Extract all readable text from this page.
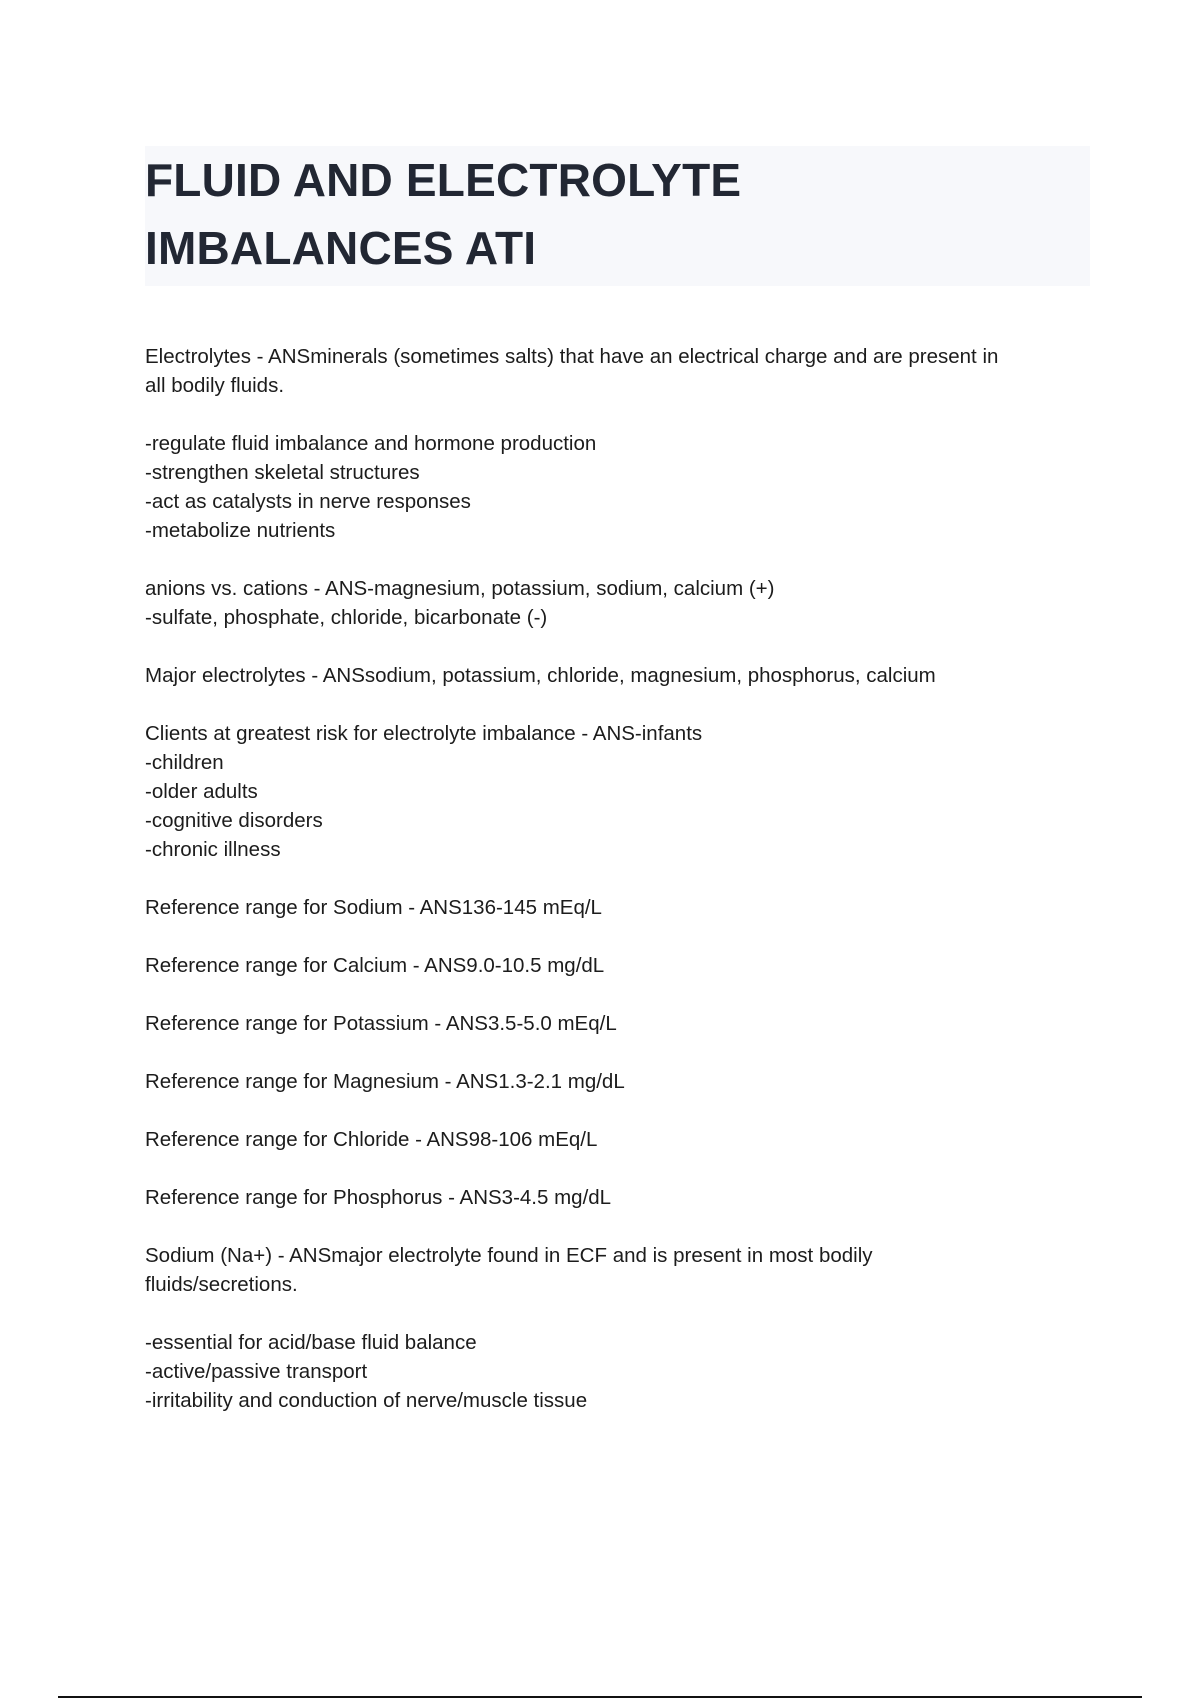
FLUID AND ELECTROLYTE
IMBALANCES ATI

Electrolytes - ANSminerals (sometimes salts) that have an electrical charge and are present in
all bodily fluids.

-regulate fluid imbalance and hormone production
-strengthen skeletal structures
-act as catalysts in nerve responses
-metabolize nutrients

anions vs. cations - ANS-magnesium, potassium, sodium, calcium (+)
-sulfate, phosphate, chloride, bicarbonate (-)

Major electrolytes - ANSsodium, potassium, chloride, magnesium, phosphorus, calcium

Clients at greatest risk for electrolyte imbalance - ANS-infants
-children
-older adults
-cognitive disorders
-chronic illness

Reference range for Sodium - ANS136-145 mEq/L

Reference range for Calcium - ANS9.0-10.5 mg/dL

Reference range for Potassium - ANS3.5-5.0 mEq/L

Reference range for Magnesium - ANS1.3-2.1 mg/dL

Reference range for Chloride - ANS98-106 mEq/L

Reference range for Phosphorus - ANS3-4.5 mg/dL

Sodium (Na+) - ANSmajor electrolyte found in ECF and is present in most bodily
fluids/secretions.

-essential for acid/base fluid balance
-active/passive transport
-irritability and conduction of nerve/muscle tissue
